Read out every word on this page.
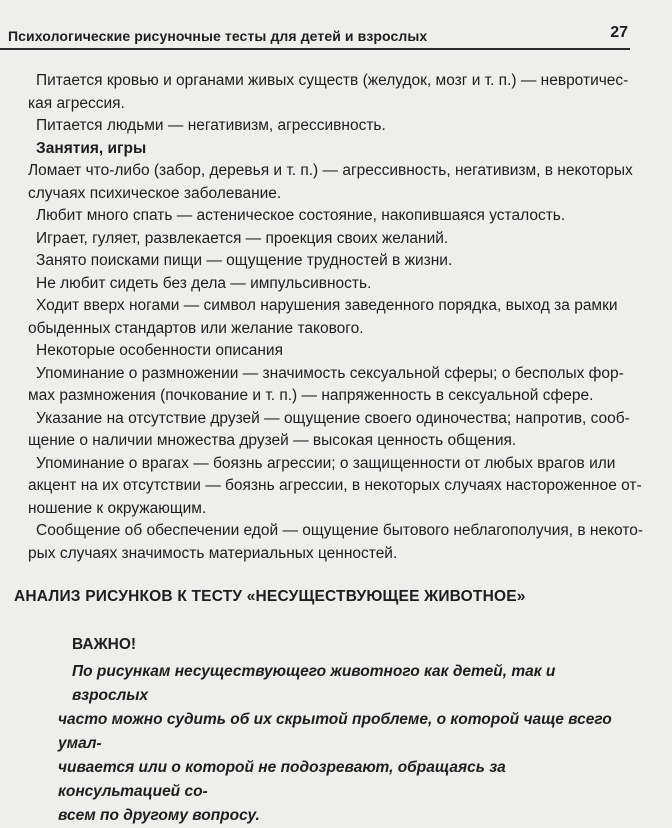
Психологические рисуночные тесты для детей и взрослых	27

Питается кровью и органами живых существ (желудок, мозг и т. п.) — невротичес-
кая агрессия.

Питается людьми — негативизм, агрессивность.

Занятия, игры

Ломает что-либо (забор, деревья и т. п.) — агрессивность, негативизм, в некоторых
случаях психическое заболевание.

Любит много спать — астеническое состояние, накопившаяся усталость.

Играет, гуляет, развлекается — проекция своих желаний.

Занято поисками пищи — ощущение трудностей в жизни.

Не любит сидеть без дела — импульсивность.

Ходит вверх ногами — символ нарушения заведенного порядка, выход за рамки
обыденных стандартов или желание такового.

Некоторые особенности описания

Упоминание о размножении — значимость сексуальной сферы; о бесполых фор-
мах размножения (почкование и т. п.) — напряженность в сексуальной сфере.

Указание на отсутствие друзей — ощущение своего одиночества; напротив, сооб-
щение о наличии множества друзей — высокая ценность общения.

Упоминание о врагах — боязнь агрессии; о защищенности от любых врагов или
акцент на их отсутствии — боязнь агрессии, в некоторых случаях настороженное от-
ношение к окружающим.

Сообщение об обеспечении едой — ощущение бытового неблагополучия, в некото-
рых случаях значимость материальных ценностей.

АНАЛИЗ РИСУНКОВ К ТЕСТУ «НЕСУЩЕСТВУЮЩЕЕ ЖИВОТНОЕ»
ВАЖНО!
По рисункам несуществующего животного как детей, так и взрослых
часто можно судить об их скрытой проблеме, о которой чаще всего умал-
чивается или о которой не подозревают, обращаясь за консультацией со-
всем по другому вопросу.
